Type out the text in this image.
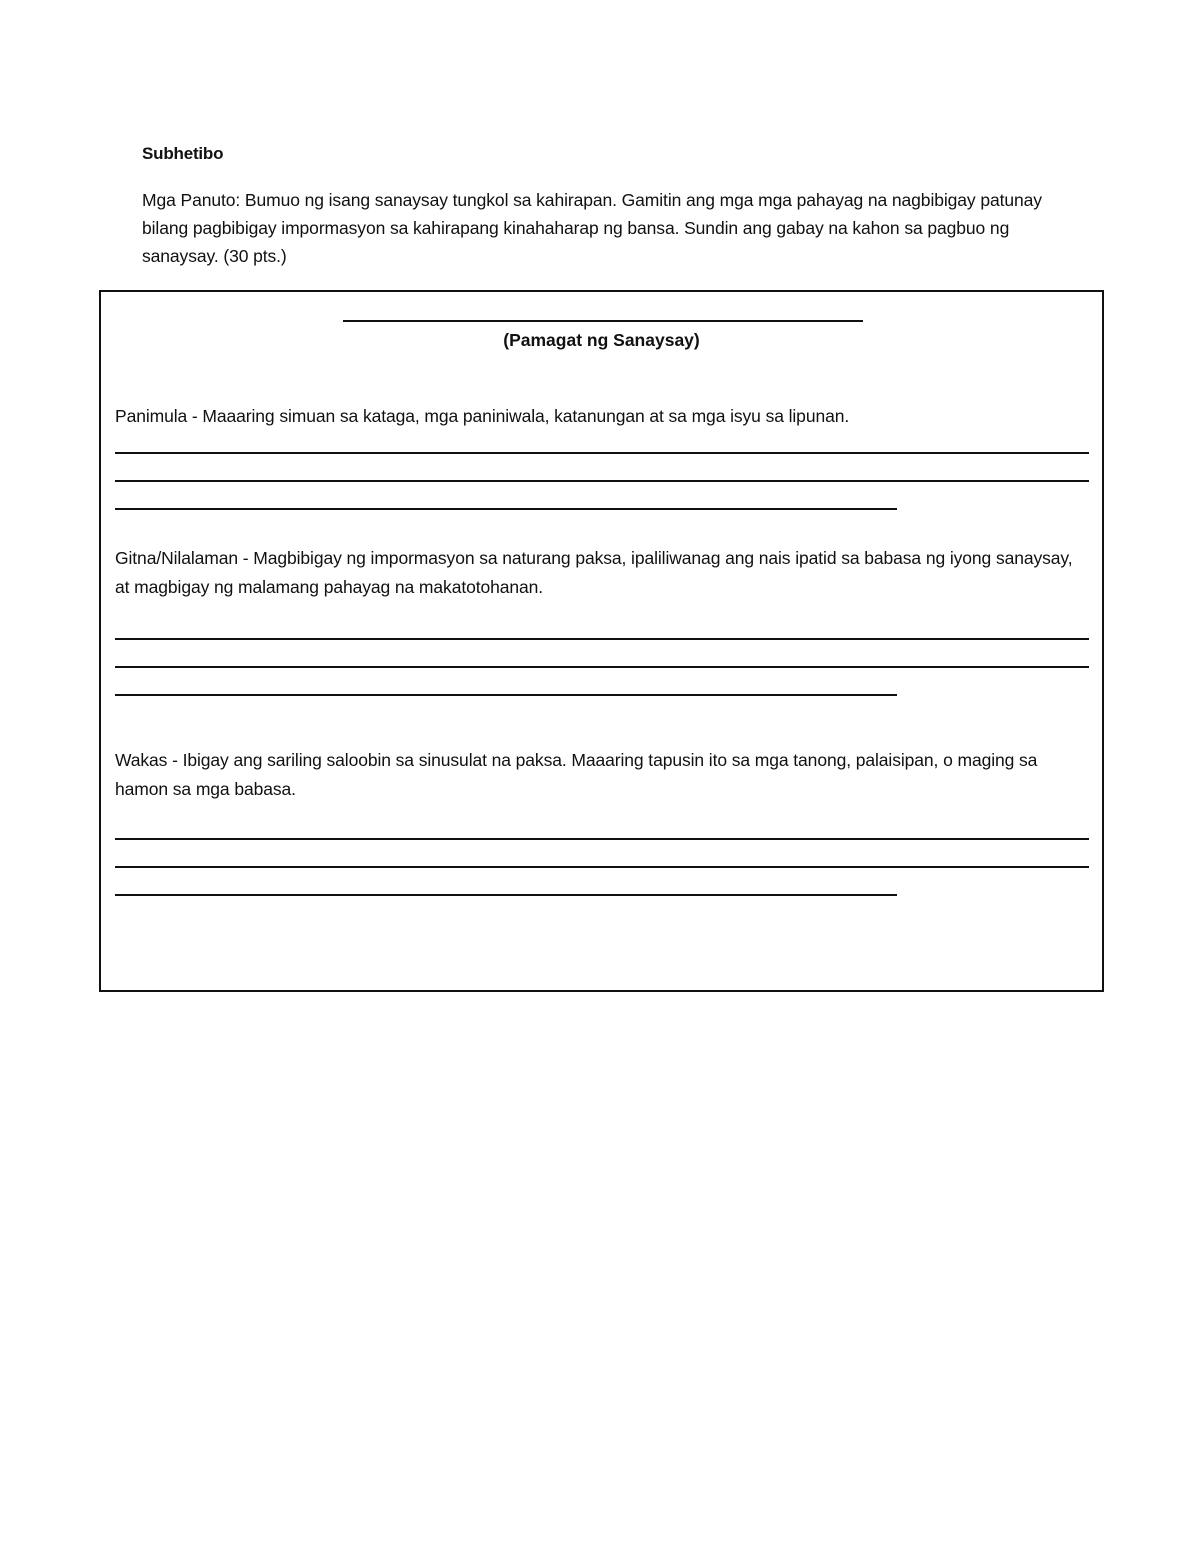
Subhetibo
Mga Panuto: Bumuo ng isang sanaysay tungkol sa kahirapan. Gamitin ang mga mga pahayag na nagbibigay patunay bilang pagbibigay impormasyon sa kahirapang kinahaharap ng bansa. Sundin ang gabay na kahon sa pagbuo ng sanaysay. (30 pts.)
(Pamagat ng Sanaysay)
Panimula - Maaaring simuan sa kataga, mga paniniwala, katanungan at sa mga isyu sa lipunan.
Gitna/Nilalaman - Magbibigay ng impormasyon sa naturang paksa, ipaliliwanag ang nais ipatid sa babasa ng iyong sanaysay, at magbigay ng malamang pahayag na makatotohanan.
Wakas - Ibigay ang sariling saloobin sa sinusulat na paksa. Maaaring tapusin ito sa mga tanong, palaisipan, o maging sa hamon sa mga babasa.
